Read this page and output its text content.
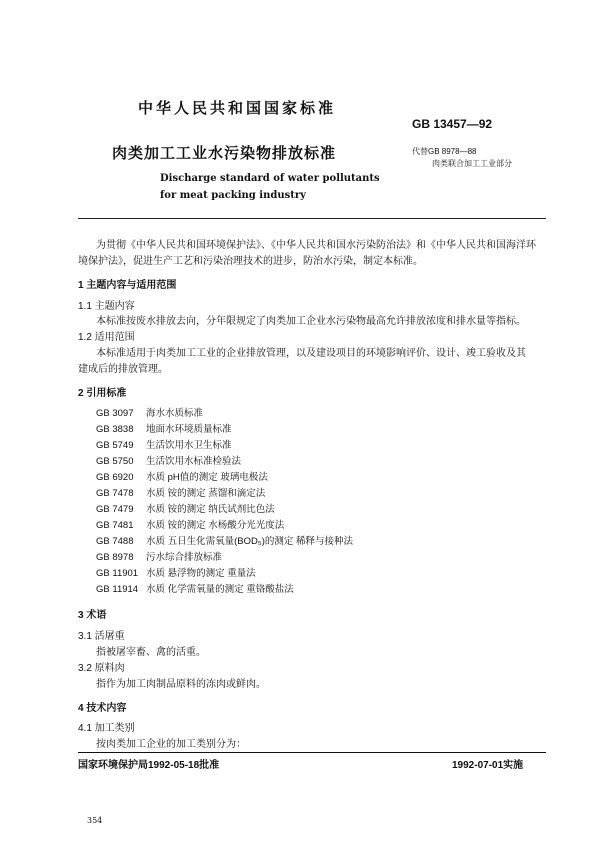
中华人民共和国国家标准
GB 13457—92
肉类加工工业水污染物排放标准	代替GB 8978—88
肉类联合加工工业部分
Discharge standard of water pollutants
for meat packing industry
为贯彻《中华人民共和国环境保护法》、《中华人民共和国水污染防治法》和《中华人民共和国海洋环
境保护法》，促进生产工艺和污染治理技术的进步，防治水污染，制定本标准。
1 主题内容与适用范围
1.1 主题内容
本标准按废水排放去向，分年限规定了肉类加工企业水污染物最高允许排放浓度和排水量等指标。
1.2 适用范围
本标准适用于肉类加工工业的企业排放管理，以及建设项目的环境影响评价、设计、竣工验收及其
建成后的排放管理。
2 引用标准
GB 3097 海水水质标准
GB 3838 地面水环境质量标准
GB 5749 生活饮用水卫生标准
GB 5750 生活饮用水标准检验法
GB 6920 水质 pH值的测定 玻璃电极法
GB 7478 水质 铵的测定 蒸馏和滴定法
GB 7479 水质 铵的测定 纳氏试剂比色法
GB 7481 水质 铵的测定 水杨酸分光光度法
GB 7488 水质 五日生化需氧量(BOD₅)的测定 稀释与接种法
GB 8978 污水综合排放标准
GB 11901 水质 悬浮物的测定 重量法
GB 11914 水质 化学需氧量的测定 重铬酸盐法
3 术语
3.1 活屠重
指被屠宰畜、禽的活重。
3.2 原料肉
指作为加工肉制品原料的冻肉或鲜肉。
4 技术内容
4.1 加工类别
按肉类加工企业的加工类别分为：
国家环境保护局1992-05-18批准	1992-07-01实施
354
